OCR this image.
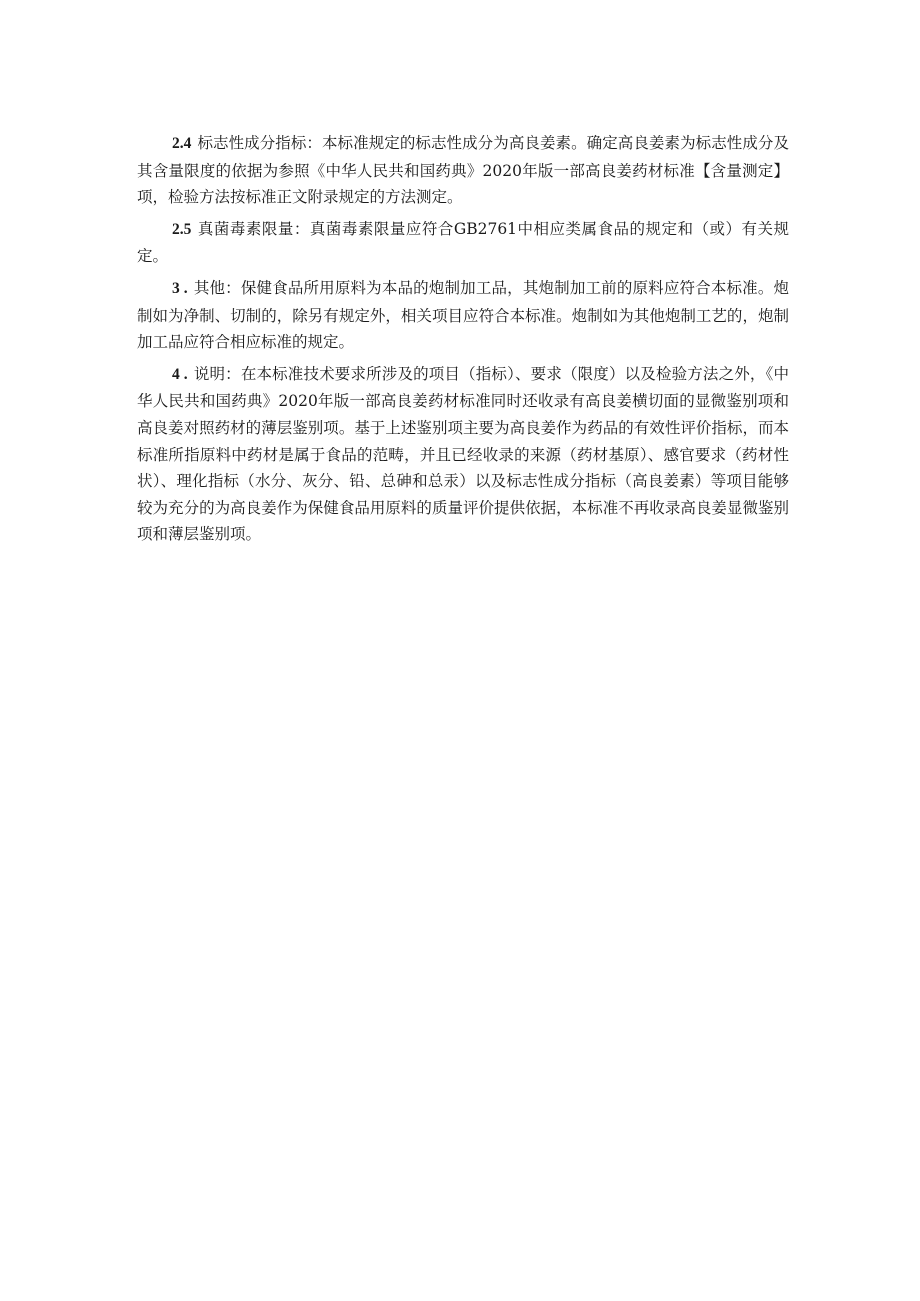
2.4 标志性成分指标：本标准规定的标志性成分为高良姜素。确定高良姜素为标志性成分及其含量限度的依据为参照《中华人民共和国药典》2020年版一部高良姜药材标准【含量测定】项，检验方法按标准正文附录规定的方法测定。

2.5 真菌毒素限量：真菌毒素限量应符合GB2761中相应类属食品的规定和（或）有关规定。

3 . 其他：保健食品所用原料为本品的炮制加工品，其炮制加工前的原料应符合本标准。炮制如为净制、切制的，除另有规定外，相关项目应符合本标准。炮制如为其他炮制工艺的，炮制加工品应符合相应标准的规定。

4 . 说明：在本标准技术要求所涉及的项目（指标）、要求（限度）以及检验方法之外，《中华人民共和国药典》2020年版一部高良姜药材标准同时还收录有高良姜横切面的显微鉴别项和高良姜对照药材的薄层鉴别项。基于上述鉴别项主要为高良姜作为药品的有效性评价指标，而本标准所指原料中药材是属于食品的范畴，并且已经收录的来源（药材基原）、感官要求（药材性状）、理化指标（水分、灰分、铅、总砷和总汞）以及标志性成分指标（高良姜素）等项目能够较为充分的为高良姜作为保健食品用原料的质量评价提供依据，本标准不再收录高良姜显微鉴别项和薄层鉴别项。
